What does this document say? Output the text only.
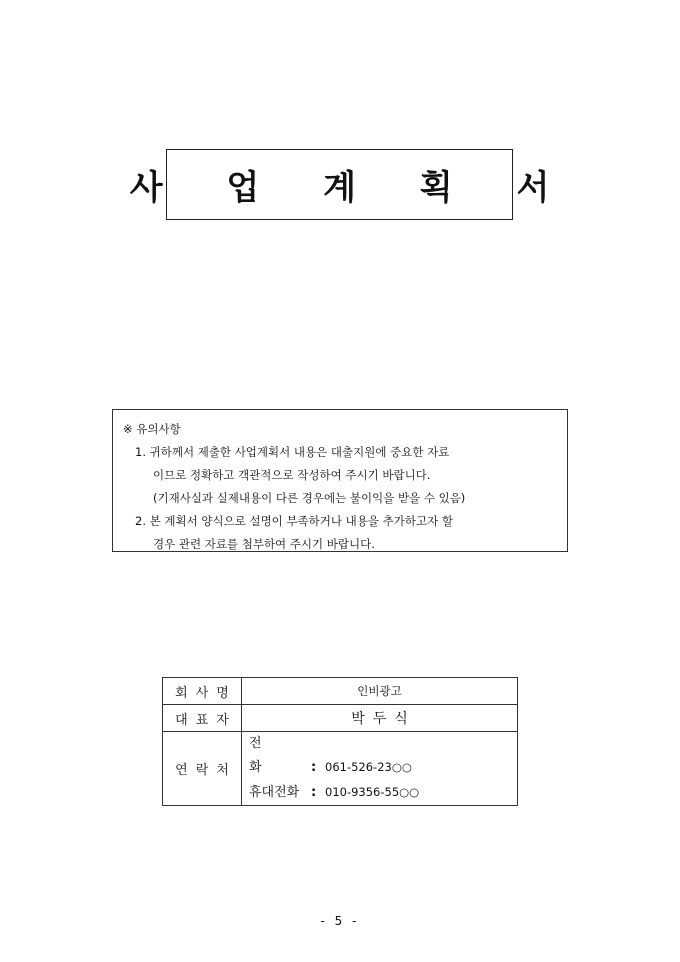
사 업 계 획 서
※ 유의사항
1. 귀하께서 제출한 사업계획서 내용은 대출지원에 중요한 자료
이므로 정확하고 객관적으로 작성하여 주시기 바랍니다.
(기재사실과 실제내용이 다른 경우에는 불이익을 받을 수 있음)
2. 본 계획서 양식으로 설명이 부족하거나 내용을 추가하고자 할
경우 관련 자료를 첨부하여 주시기 바랍니다.
회사명	인비광고
대표자	박두식
연락처	전화 : 061-526-23○○
휴대전화 : 010-9356-55○○
- 5 -
